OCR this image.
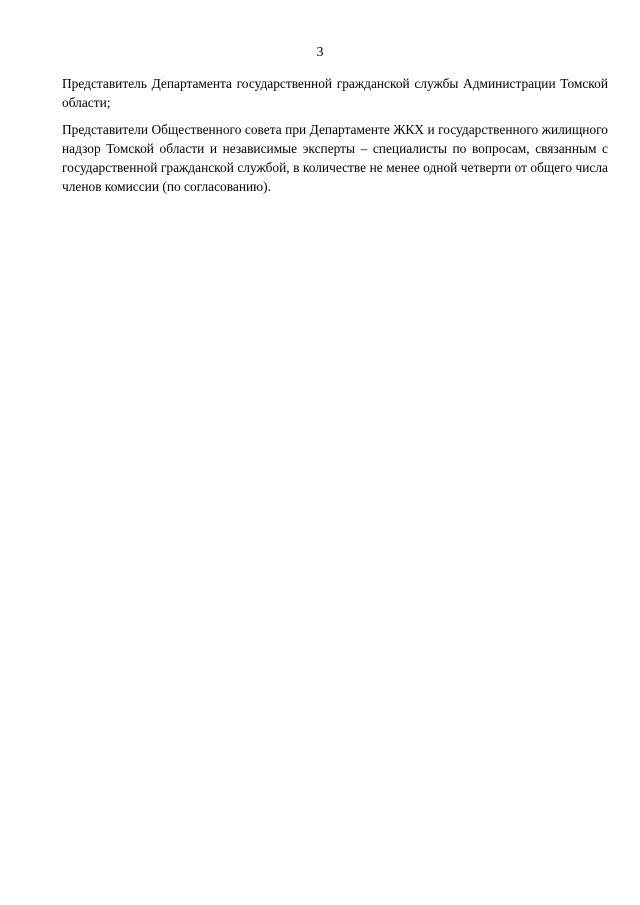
3

Представитель Департамента государственной гражданской службы Администрации Томской области;

Представители Общественного совета при Департаменте ЖКХ и государственного жилищного надзор Томской области и независимые эксперты – специалисты по вопросам, связанным с государственной гражданской службой, в количестве не менее одной четверти от общего числа членов комиссии (по согласованию).
